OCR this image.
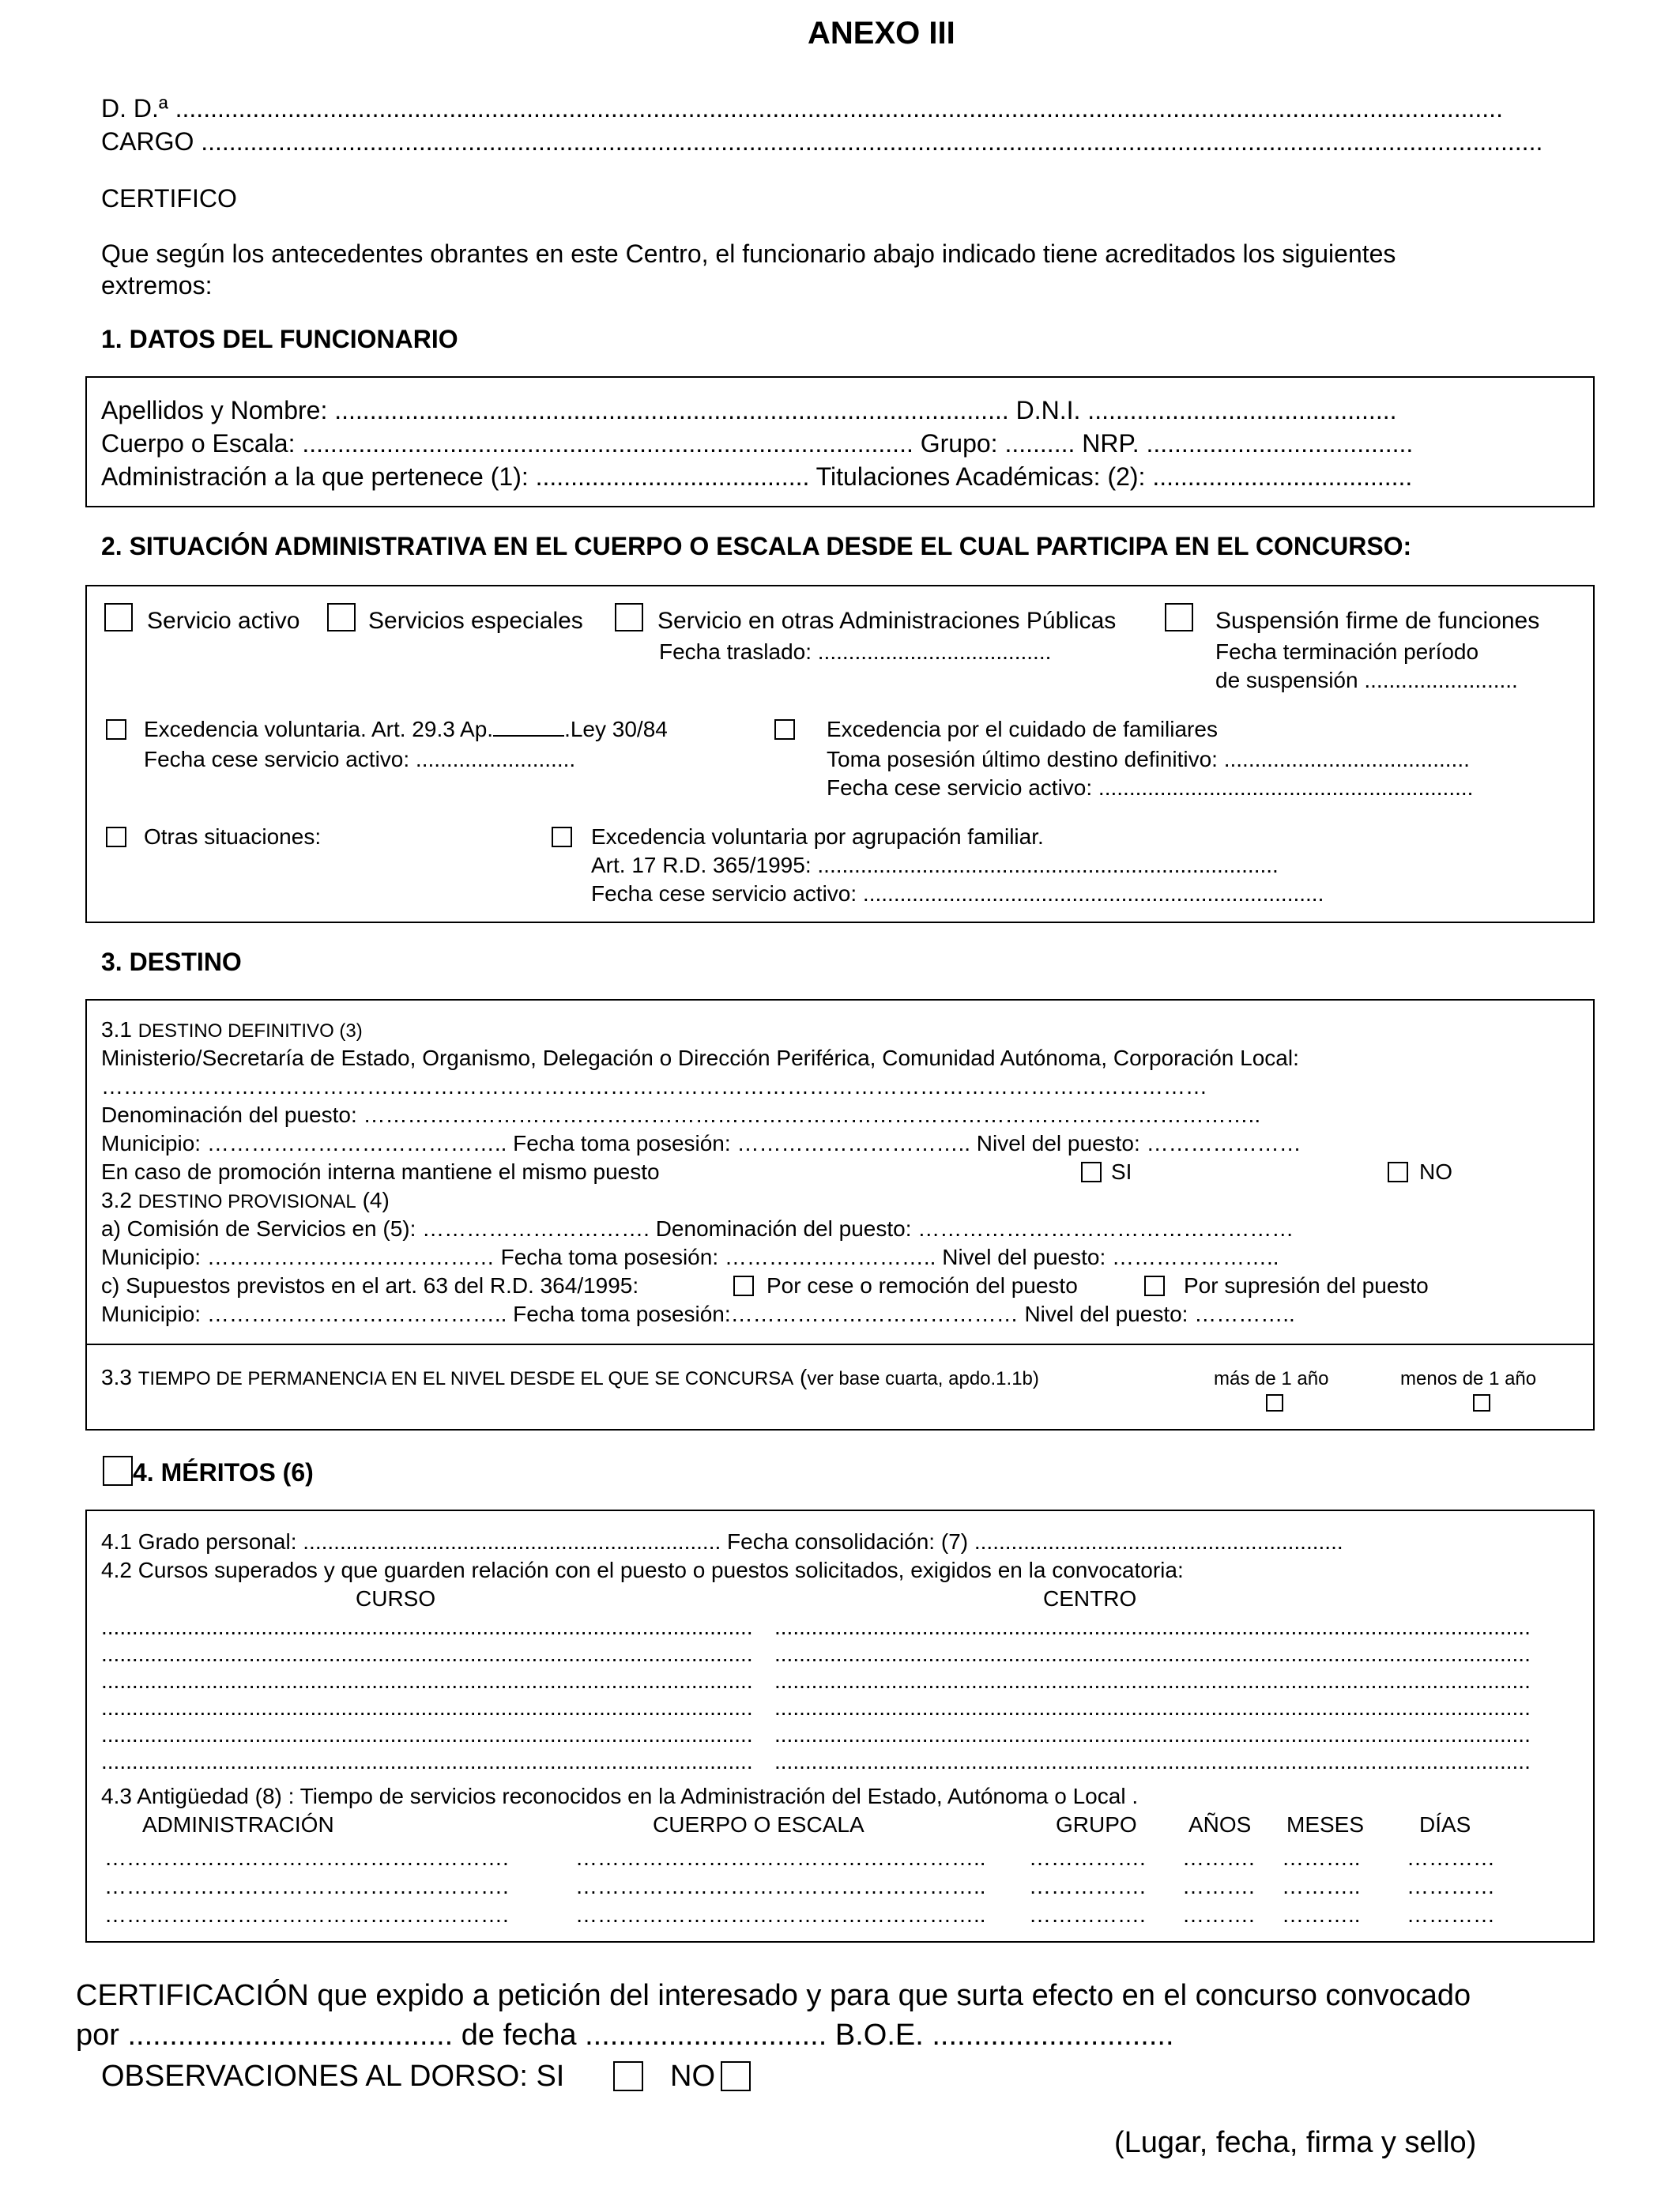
ANEXO III
D. D.ª .............................................................................................................................................................................................
CARGO ...............................................................................................................................................................................................
CERTIFICO
Que según los antecedentes obrantes en este Centro, el funcionario abajo indicado tiene acreditados los siguientes
extremos:
1. DATOS DEL FUNCIONARIO
Apellidos y Nombre: ................................................................................................ D.N.I. ............................................
Cuerpo o Escala: ....................................................................................... Grupo: .......... NRP. ......................................
Administración a la que pertenece (1): ....................................... Titulaciones Académicas: (2): .....................................
2. SITUACIÓN ADMINISTRATIVA EN EL CUERPO O ESCALA DESDE EL CUAL PARTICIPA EN EL CONCURSO:
Servicio activo	Servicios especiales	Servicio en otras Administraciones Públicas
Fecha traslado: ......................................
Suspensión firme de funciones
Fecha terminación período
de suspensión .........................
Excedencia voluntaria. Art. 29.3 Ap.	.Ley 30/84
Fecha cese servicio activo: ..........................
Excedencia por el cuidado de familiares
Toma posesión último destino definitivo: ........................................
Fecha cese servicio activo: .............................................................
Otras situaciones:	Excedencia voluntaria por agrupación familiar.
Art. 17 R.D. 365/1995: ...........................................................................
Fecha cese servicio activo: ...........................................................................
3. DESTINO
3.1 DESTINO DEFINITIVO (3)
Ministerio/Secretaría de Estado, Organismo, Delegación o Dirección Periférica, Comunidad Autónoma, Corporación Local:
……………………………………………………………………………………………………………………………………
Denominación del puesto: …………………………………………………………………………………………………………..
Municipio: ………………………………….. Fecha toma posesión: ………………………….. Nivel del puesto: …………………
En caso de promoción interna mantiene el mismo puesto	SI	NO
3.2 DESTINO PROVISIONAL (4)
a) Comisión de Servicios en (5): …………………………. Denominación del puesto: ……………………………………………
Municipio: ………………………………… Fecha toma posesión: ……………………….. Nivel del puesto: …………………..
c) Supuestos previstos en el art. 63 del R.D. 364/1995:	Por cese o remoción del puesto	Por supresión del puesto
Municipio: ………………………………….. Fecha toma posesión:………………………………… Nivel del puesto: …………..
3.3 TIEMPO DE PERMANENCIA EN EL NIVEL DESDE EL QUE SE CONCURSA (ver base cuarta, apdo.1.1b)	más de 1 año	menos de 1 año
4. MÉRITOS (6)
4.1 Grado personal: .................................................................... Fecha consolidación: (7) ............................................................
4.2 Cursos superados y que guarden relación con el puesto o puestos solicitados, exigidos en la convocatoria:
CURSO	CENTRO
.......................................................................................................... ...........................................................................................................................
.......................................................................................................... ...........................................................................................................................
.......................................................................................................... ...........................................................................................................................
.......................................................................................................... ...........................................................................................................................
.......................................................................................................... ...........................................................................................................................
.......................................................................................................... ...........................................................................................................................
4.3 Antigüedad (8) : Tiempo de servicios reconocidos en la Administración del Estado, Autónoma o Local .
ADMINISTRACIÓN	CUERPO O ESCALA	GRUPO AÑOS MESES DÍAS
……………………………………………….	……………………………………………….. ……………. ………. ……….. …………
……………………………………………….	……………………………………………….. ……………. ………. ……….. …………
……………………………………………….	……………………………………………….. ……………. ………. ……….. …………
CERTIFICACIÓN que expido a petición del interesado y para que surta efecto en el concurso convocado
por ....................................... de fecha ............................. B.O.E. .............................
OBSERVACIONES AL DORSO: SI	NO
(Lugar, fecha, firma y sello)
